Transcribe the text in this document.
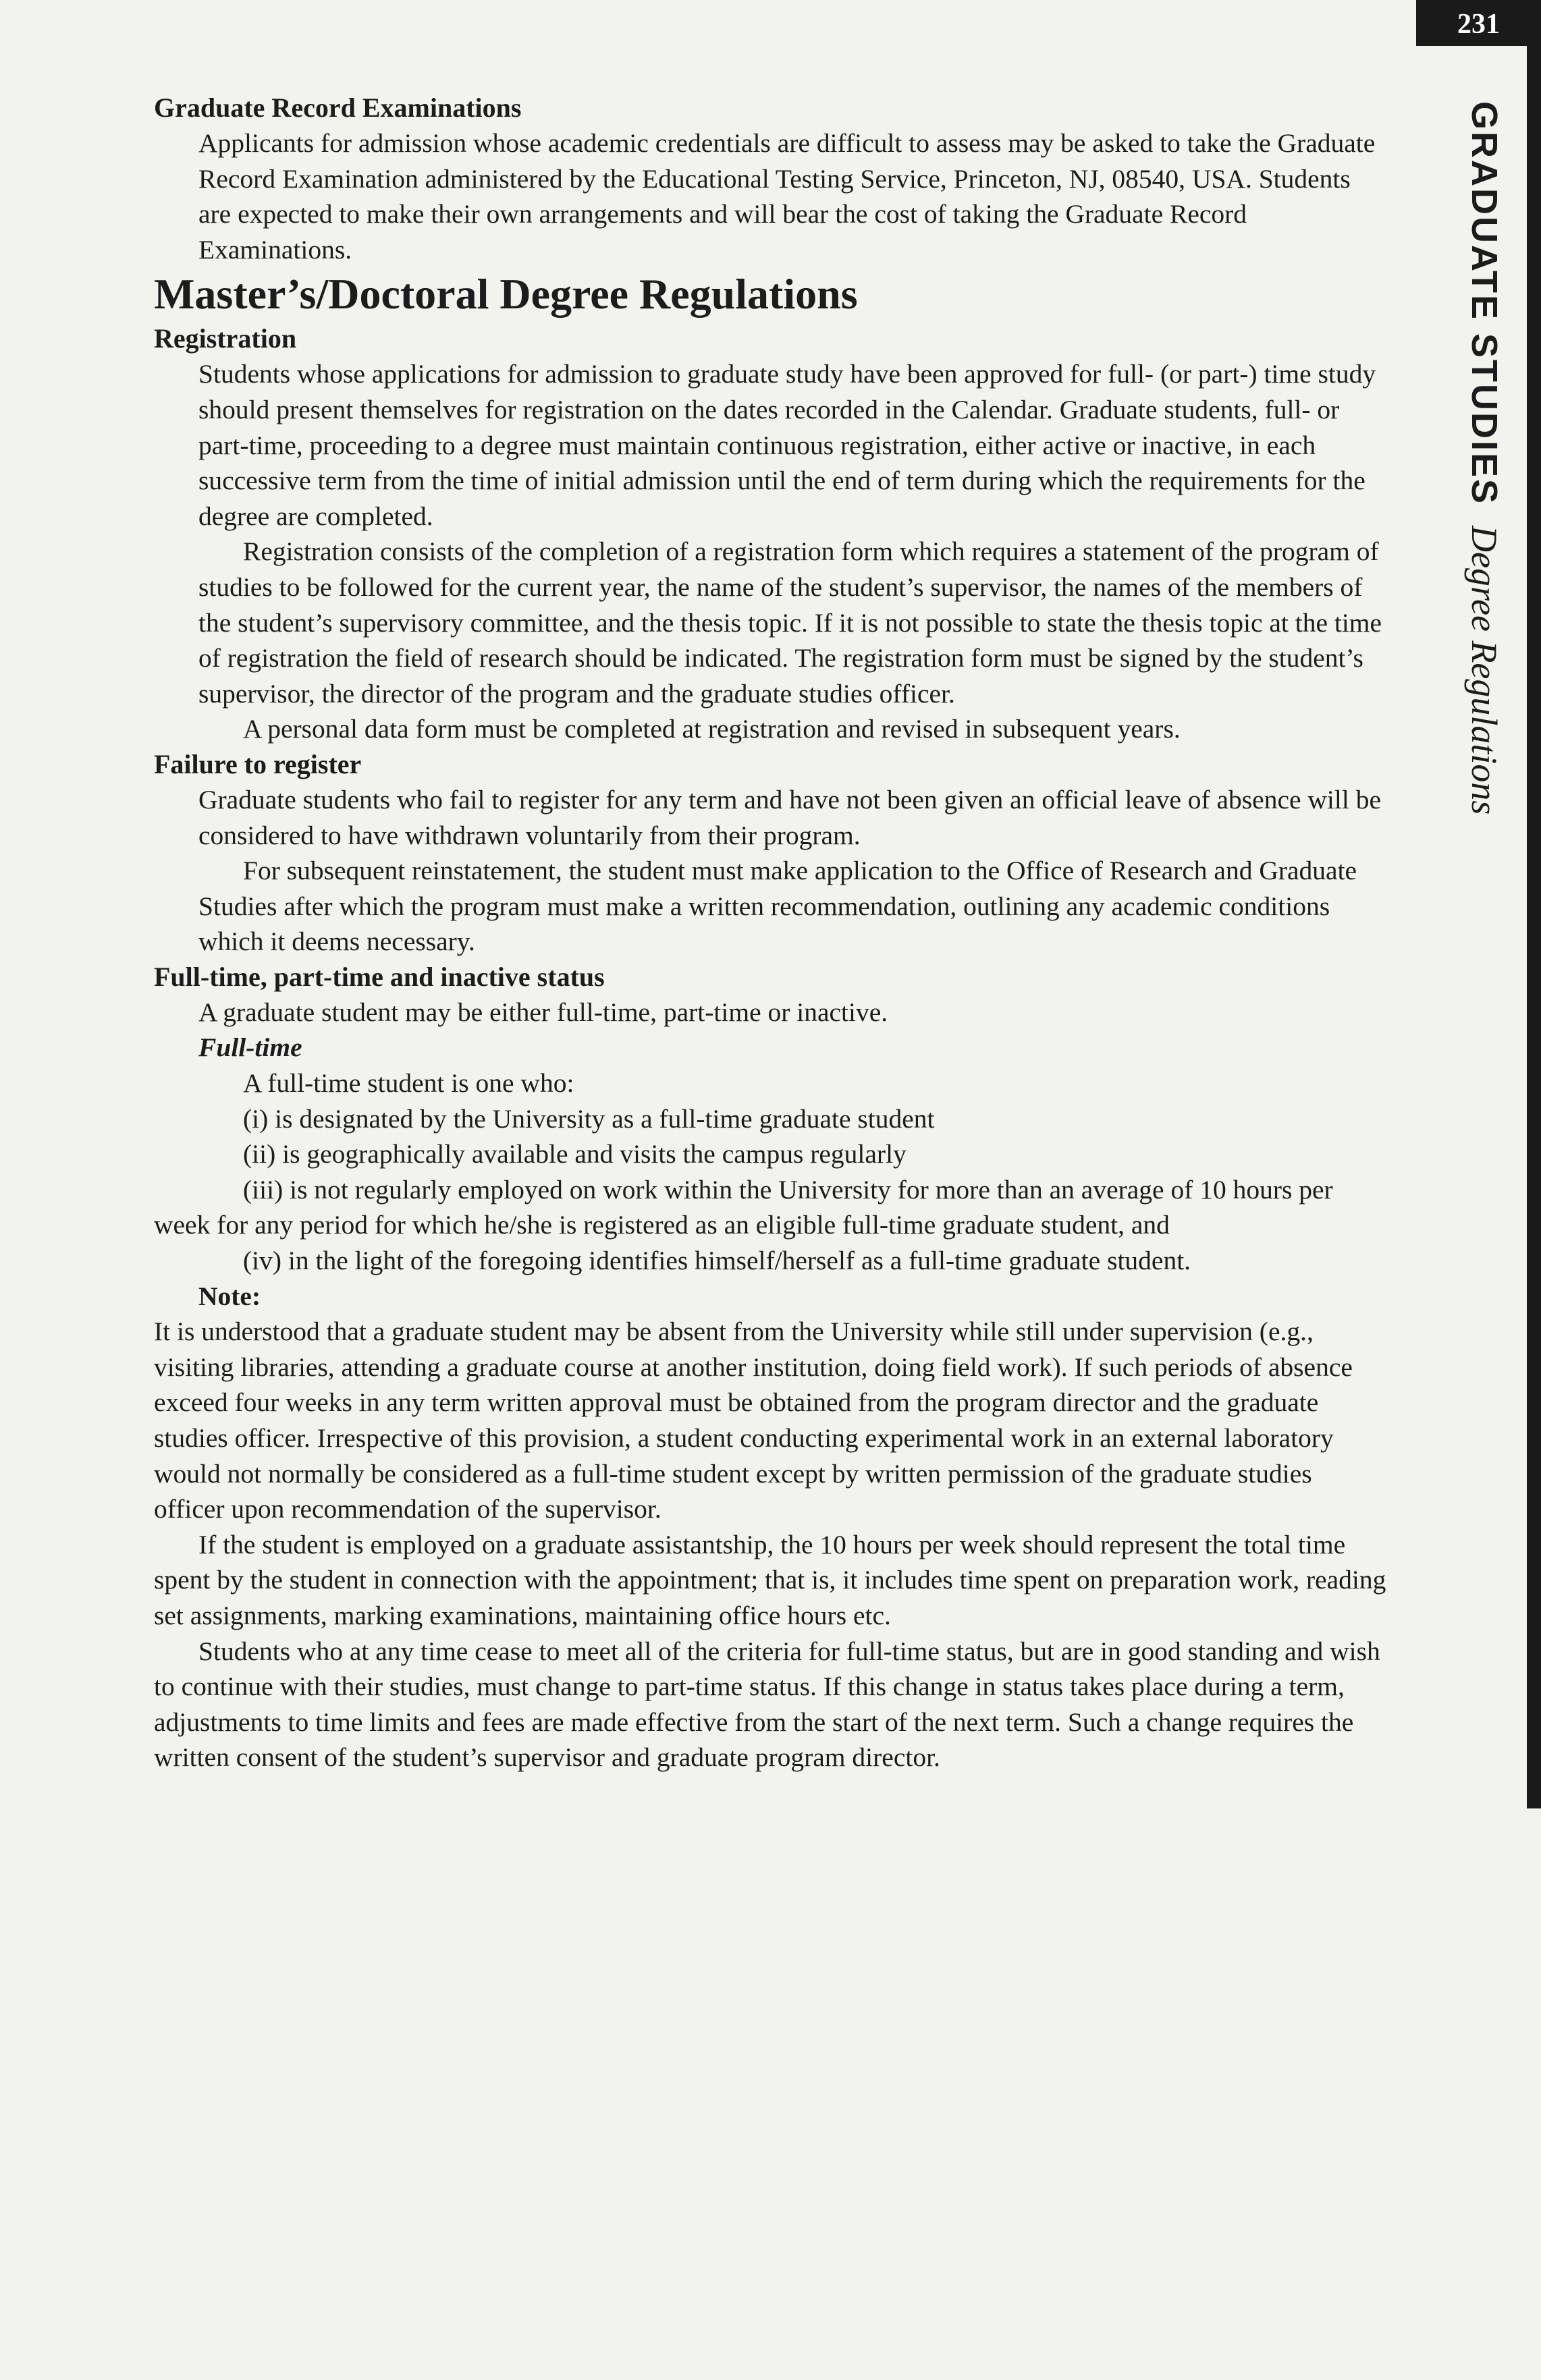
231
GRADUATE STUDIESDegree Regulations

Graduate Record Examinations

Applicants for admission whose academic credentials are difficult to assess may be asked to take the Graduate Record Examination administered by the Educational Testing Service, Princeton, NJ, 08540, USA. Students are expected to make their own arrangements and will bear the cost of taking the Graduate Record Examinations.

Master’s/Doctoral Degree Regulations

Registration

Students whose applications for admission to graduate study have been approved for full- (or part-) time study should present themselves for registration on the dates recorded in the Calendar. Graduate students, full- or part-time, proceeding to a degree must maintain continuous registration, either active or inactive, in each successive term from the time of initial admission until the end of term during which the requirements for the degree are completed.

Registration consists of the completion of a registration form which requires a statement of the program of studies to be followed for the current year, the name of the student’s supervisor, the names of the members of the student’s supervisory committee, and the thesis topic. If it is not possible to state the thesis topic at the time of registration the field of research should be indicated. The registration form must be signed by the student’s supervisor, the director of the program and the graduate studies officer.

A personal data form must be completed at registration and revised in subsequent years.

Failure to register

Graduate students who fail to register for any term and have not been given an official leave of absence will be considered to have withdrawn voluntarily from their program.

For subsequent reinstatement, the student must make application to the Office of Research and Graduate Studies after which the program must make a written recommendation, outlining any academic conditions which it deems necessary.

Full-time, part-time and inactive status

A graduate student may be either full-time, part-time or inactive.

Full-time

A full-time student is one who:

(i) is designated by the University as a full-time graduate student

(ii) is geographically available and visits the campus regularly

(iii) is not regularly employed on work within the University for more than an average of 10 hours per week for any period for which he/she is registered as an eligible full-time graduate student, and

(iv) in the light of the foregoing identifies himself/herself as a full-time graduate student.

Note:

It is understood that a graduate student may be absent from the University while still under supervision (e.g., visiting libraries, attending a graduate course at another institution, doing field work). If such periods of absence exceed four weeks in any term written approval must be obtained from the program director and the graduate studies officer. Irrespective of this provision, a student conducting experimental work in an external laboratory would not normally be considered as a full-time student except by written permission of the graduate studies officer upon recommendation of the supervisor.

If the student is employed on a graduate assistantship, the 10 hours per week should represent the total time spent by the student in connection with the appointment; that is, it includes time spent on preparation work, reading set assignments, marking examinations, maintaining office hours etc.

Students who at any time cease to meet all of the criteria for full-time status, but are in good standing and wish to continue with their studies, must change to part-time status. If this change in status takes place during a term, adjustments to time limits and fees are made effective from the start of the next term. Such a change requires the written consent of the student’s supervisor and graduate program director.
